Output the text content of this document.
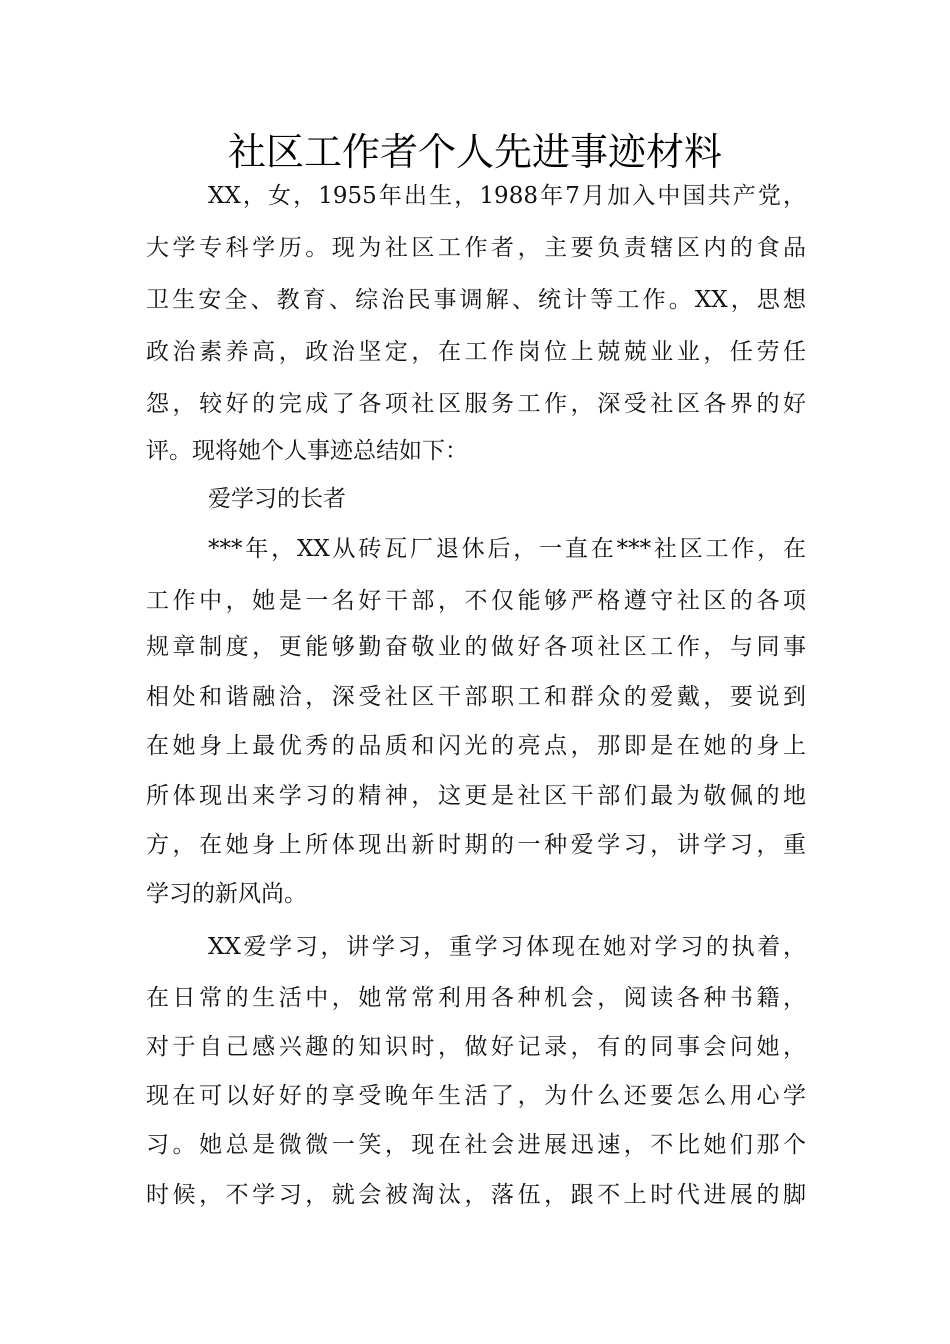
社区工作者个人先进事迹材料
XX，女，1955年出生，1988年7月加入中国共产党，
大学专科学历。现为社区工作者，主要负责辖区内的食品
卫生安全、教育、综治民事调解、统计等工作。XX，思想
政治素养高，政治坚定，在工作岗位上兢兢业业，任劳任
怨，较好的完成了各项社区服务工作，深受社区各界的好
评。现将她个人事迹总结如下：
爱学习的长者
***年，XX从砖瓦厂退休后，一直在***社区工作，在
工作中，她是一名好干部，不仅能够严格遵守社区的各项
规章制度，更能够勤奋敬业的做好各项社区工作，与同事
相处和谐融洽，深受社区干部职工和群众的爱戴，要说到
在她身上最优秀的品质和闪光的亮点，那即是在她的身上
所体现出来学习的精神，这更是社区干部们最为敬佩的地
方，在她身上所体现出新时期的一种爱学习，讲学习，重
学习的新风尚。
XX爱学习，讲学习，重学习体现在她对学习的执着，
在日常的生活中，她常常利用各种机会，阅读各种书籍，
对于自己感兴趣的知识时，做好记录，有的同事会问她，
现在可以好好的享受晚年生活了，为什么还要怎么用心学
习。她总是微微一笑，现在社会进展迅速，不比她们那个
时候，不学习，就会被淘汰，落伍，跟不上时代进展的脚
